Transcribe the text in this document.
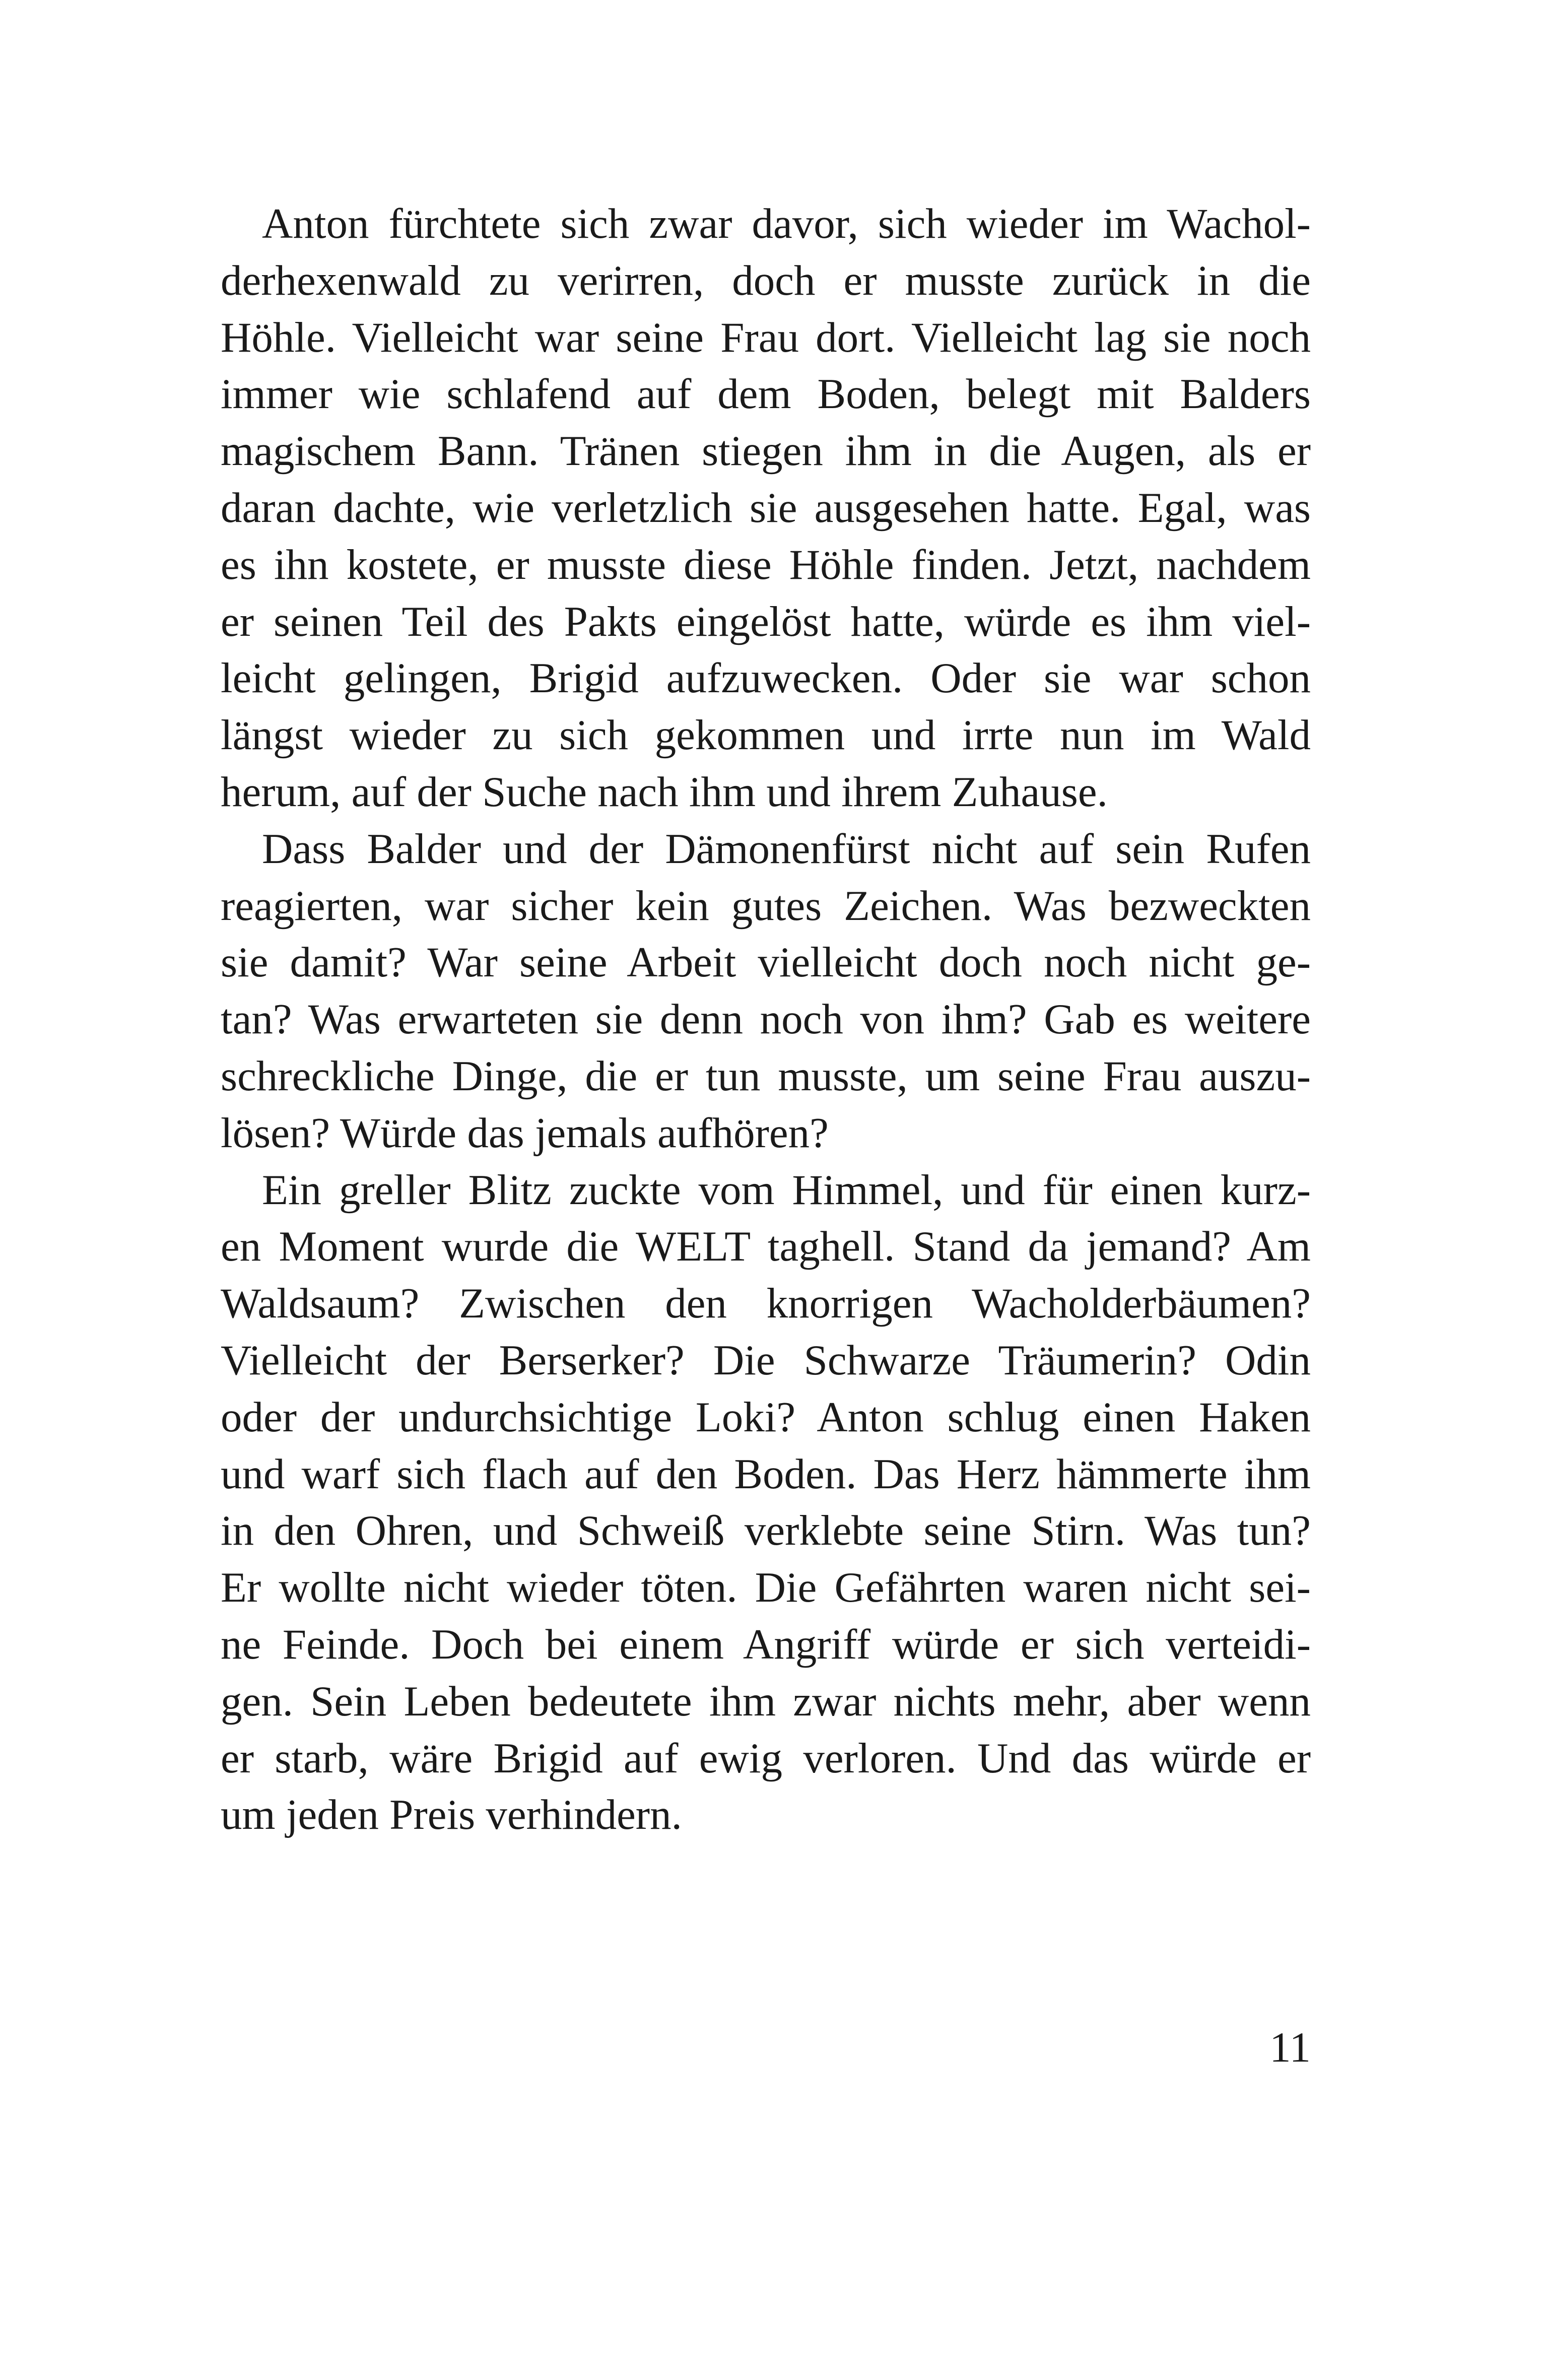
Anton fürchtete sich zwar davor, sich wieder im Wachol-
derhexenwald zu verirren, doch er musste zurück in die
Höhle. Vielleicht war seine Frau dort. Vielleicht lag sie noch
immer wie schlafend auf dem Boden, belegt mit Balders
magischem Bann. Tränen stiegen ihm in die Augen, als er
daran dachte, wie verletzlich sie ausgesehen hatte. Egal, was
es ihn kostete, er musste diese Höhle finden. Jetzt, nachdem
er seinen Teil des Pakts eingelöst hatte, würde es ihm viel-
leicht gelingen, Brigid aufzuwecken. Oder sie war schon
längst wieder zu sich gekommen und irrte nun im Wald
herum, auf der Suche nach ihm und ihrem Zuhause.

Dass Balder und der Dämonenfürst nicht auf sein Rufen
reagierten, war sicher kein gutes Zeichen. Was bezweckten
sie damit? War seine Arbeit vielleicht doch noch nicht ge-
tan? Was erwarteten sie denn noch von ihm? Gab es weitere
schreckliche Dinge, die er tun musste, um seine Frau auszu-
lösen? Würde das jemals aufhören?

Ein greller Blitz zuckte vom Himmel, und für einen kurz-
en Moment wurde die WELT taghell. Stand da jemand? Am
Waldsaum? Zwischen den knorrigen Wacholderbäumen?
Vielleicht der Berserker? Die Schwarze Träumerin? Odin
oder der undurchsichtige Loki? Anton schlug einen Haken
und warf sich flach auf den Boden. Das Herz hämmerte ihm
in den Ohren, und Schweiß verklebte seine Stirn. Was tun?
Er wollte nicht wieder töten. Die Gefährten waren nicht sei-
ne Feinde. Doch bei einem Angriff würde er sich verteidi-
gen. Sein Leben bedeutete ihm zwar nichts mehr, aber wenn
er starb, wäre Brigid auf ewig verloren. Und das würde er
um jeden Preis verhindern.

11
